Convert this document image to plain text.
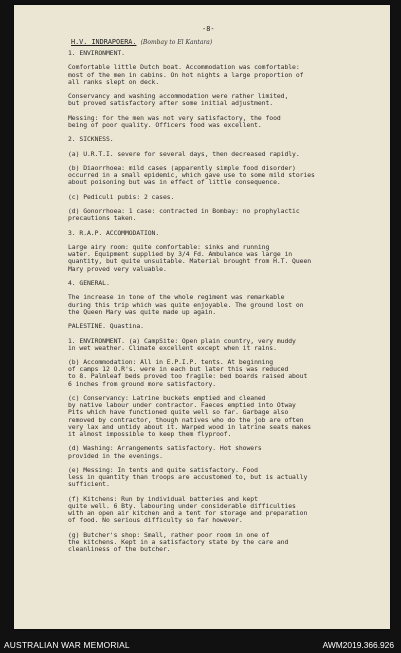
-8-
H.V. INDRAPOERA. (Bombay to El Kantara)
1. ENVIRONMENT.

Comfortable little Dutch boat. Accommodation was comfortable:
most of the men in cabins. On hot nights a large proportion of
all ranks slept on deck.

Conservancy and washing accommodation were rather limited,
but proved satisfactory after some initial adjustment.

Messing: for the men was not very satisfactory, the food
being of poor quality. Officers food was excellent.

2. SICKNESS.

(a) U.R.T.I. severe for several days, then decreased rapidly.

(b) Diaorrhoea: mild cases (apparently simple food disorder)
occurred in a small epidemic, which gave use to some mild stories
about poisoning but was in effect of little consequence.

(c) Pediculi pubis: 2 cases.

(d) Gonorrhoea: 1 case: contracted in Bombay: no prophylactic
precautions taken.

3. R.A.P. ACCOMMODATION.

Large airy room: quite comfortable: sinks and running
water. Equipment supplied by 3/4 Fd. Ambulance was large in
quantity, but quite unsuitable. Material brought from H.T. Queen
Mary proved very valuable.

4. GENERAL.

The increase in tone of the whole regiment was remarkable
during this trip which was quite enjoyable. The ground lost on
the Queen Mary was quite made up again.

PALESTINE. Quastina.

1. ENVIRONMENT. (a) CampSite: Open plain country, very muddy
in wet weather. Climate excellent except when it rains.

(b) Accommodation: All in E.P.I.P. tents. At beginning
of camps 12 O.R's. were in each but later this was reduced
to 8. Palmleaf beds proved too fragile: bed boards raised about
6 inches from ground more satisfactory.

(c) Conservancy: Latrine buckets emptied and cleaned
by native labour under contractor. Faeces emptied into Otway
Pits which have functioned quite well so far. Garbage also
removed by contractor, though natives who do the job are often
very lax and untidy about it. Warped wood in latrine seats makes
it almost impossible to keep them flyproof.

(d) Washing: Arrangements satisfactory. Hot showers
provided in the evenings.

(e) Messing: In tents and quite satisfactory. Food
less in quantity than troops are accustomed to, but is actually
sufficient.

(f) Kitchens: Run by individual batteries and kept
quite well. 6 Bty. labouring under considerable difficulties
with an open air kitchen and a tent for storage and preparation
of food. No serious difficulty so far however.

(g) Butcher's shop: Small, rather poor room in one of
the kitchens. Kept in a satisfactory state by the care and
cleanliness of the butcher.
AUSTRALIAN WAR MEMORIAL	AWM2019.366.926
